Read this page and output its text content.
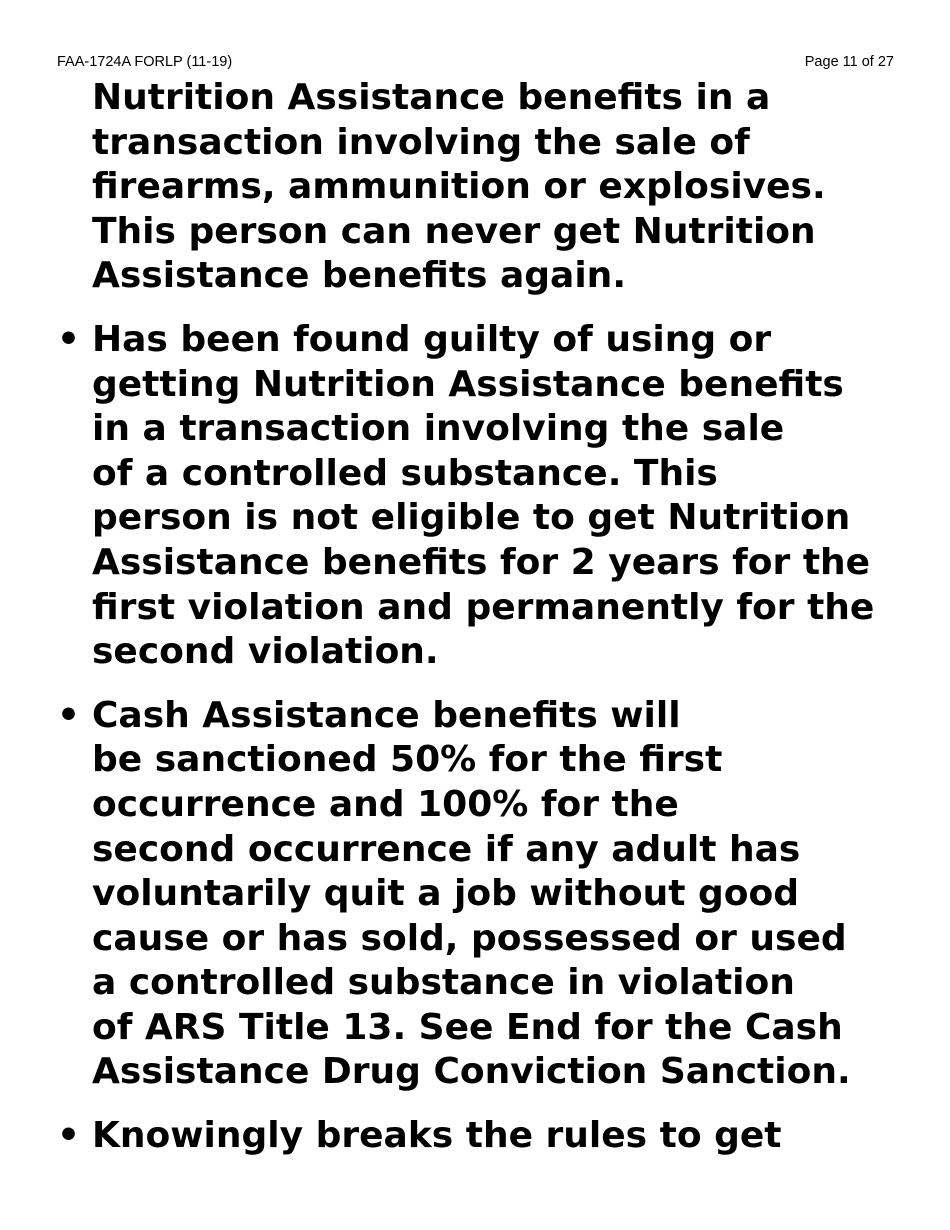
FAA-1724A FORLP (11-19)	Page 11 of 27
Nutrition Assistance benefits in a
transaction involving the sale of
firearms, ammunition or explosives.
This person can never get Nutrition
Assistance benefits again.
• Has been found guilty of using or
getting Nutrition Assistance benefits
in a transaction involving the sale
of a controlled substance. This
person is not eligible to get Nutrition
Assistance benefits for 2 years for the
first violation and permanently for the
second violation.
• Cash Assistance benefits will
be sanctioned 50% for the first
occurrence and 100% for the
second occurrence if any adult has
voluntarily quit a job without good
cause or has sold, possessed or used
a controlled substance in violation
of ARS Title 13. See End for the Cash
Assistance Drug Conviction Sanction.
• Knowingly breaks the rules to get
